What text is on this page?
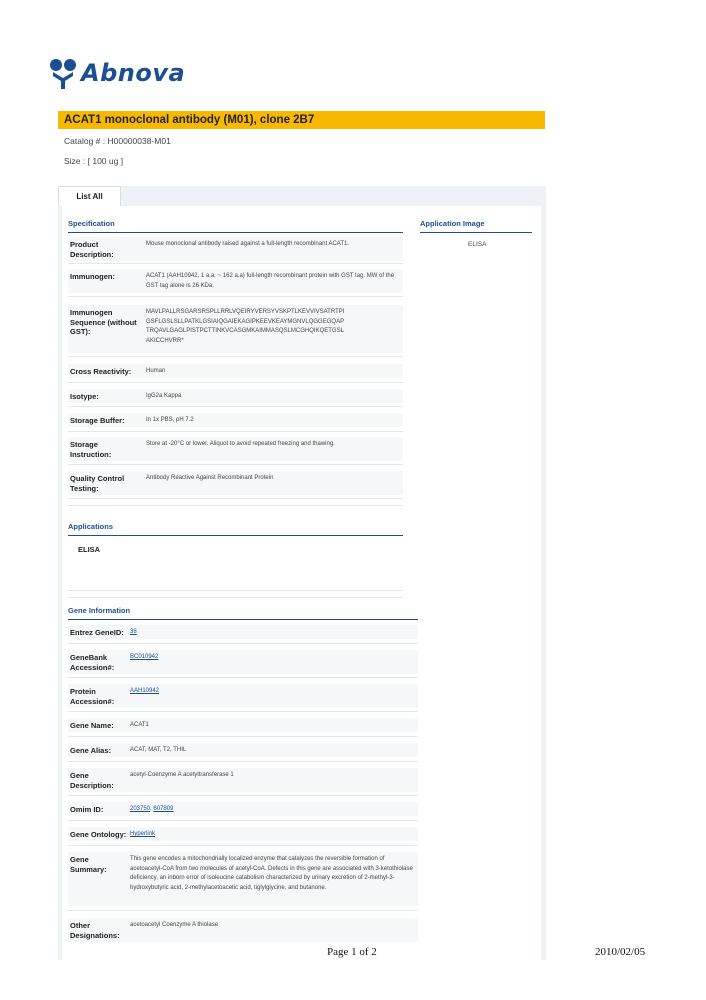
Abnova
ACAT1 monoclonal antibody (M01), clone 2B7
Catalog # : H00000038-M01
Size : [ 100 ug ]
List All
Specification	Application Image
ELISA
Product Description:
Mouse monoclonal antibody raised against a full-length recombinant ACAT1.
Immunogen:	ACAT1 (AAH10942, 1 a.a. ~ 162 a.a) full-length recombinant protein with GST tag. MW of the GST tag alone is 26 KDa.
Immunogen Sequence (without GST):
MAVLPALLRSGARSRSPLLRRLVQEIRYVERSYVSKPTLKEVVIVSATRTPIGSFLGSLSLLPATKLGSIAIQGAIEKAGIPKEEVKEAYMGNVLQGGEGQAPTRQAVLGAGLPISTPCTTINKVCASGMKAIMMASQSLMCGHQIKQETGSLAKICCHVRR*
Cross Reactivity:	Human
Isotype:	IgG2a Kappa
Storage Buffer:	In 1x PBS, pH 7.2
Storage Instruction:
Store at -20°C or lower. Aliquot to avoid repeated freezing and thawing.
Quality Control Testing:
Antibody Reactive Against Recombinant Protein
Applications
ELISA
Gene Information
Entrez GeneID: 38
GeneBank Accession#:
BC010942
Protein Accession#:
AAH10942
Gene Name:	ACAT1
Gene Alias:	ACAT, MAT, T2, THIL
Gene Description:
acetyl-Coenzyme A acetyltransferase 1
Omim ID:	203750, 607809
Gene Ontology: Hyperlink
Gene Summary:
This gene encodes a mitochondrially localized enzyme that catalyzes the reversible formation of acetoacetyl-CoA from two molecules of acetyl-CoA. Defects in this gene are associated with 3-ketothiolase deficiency, an inborn error of isoleucine catabolism characterized by urinary excretion of 2-methyl-3-hydroxybutyric acid, 2-methylacetoacetic acid, tiglylglycine, and butanone.
Other Designations:
acetoacetyl Coenzyme A thiolase
Page 1 of 2	2010/02/05
